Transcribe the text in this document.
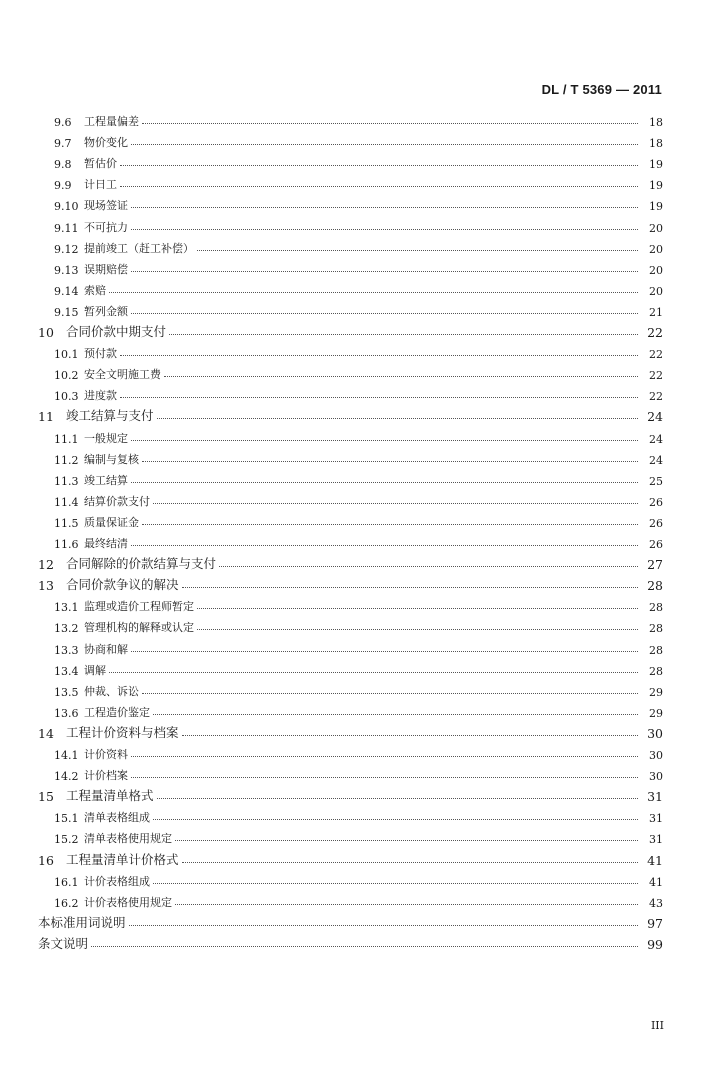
DL / T 5369 — 2011
9.6	工程量偏差	18
9.7	物价变化	18
9.8	暂估价	19
9.9	计日工	19
9.10 现场签证	19
9.11 不可抗力	20
9.12 提前竣工（赶工补偿）	20
9.13 误期赔偿	20
9.14 索赔	20
9.15 暂列金额	21
10 合同价款中期支付	22
10.1 预付款	22
10.2 安全文明施工费	22
10.3 进度款	22
11 竣工结算与支付	24
11.1 一般规定	24
11.2 编制与复核	24
11.3 竣工结算	25
11.4 结算价款支付	26
11.5 质量保证金	26
11.6 最终结清	26
12 合同解除的价款结算与支付	27
13 合同价款争议的解决	28
13.1 监理或造价工程师暂定	28
13.2 管理机构的解释或认定	28
13.3 协商和解	28
13.4 调解	28
13.5 仲裁、诉讼	29
13.6 工程造价鉴定	29
14 工程计价资料与档案	30
14.1 计价资料	30
14.2 计价档案	30
15 工程量清单格式	31
15.1 清单表格组成	31
15.2 清单表格使用规定	31
16 工程量清单计价格式	41
16.1 计价表格组成	41
16.2 计价表格使用规定	43
本标准用词说明	97
条文说明	99
III
